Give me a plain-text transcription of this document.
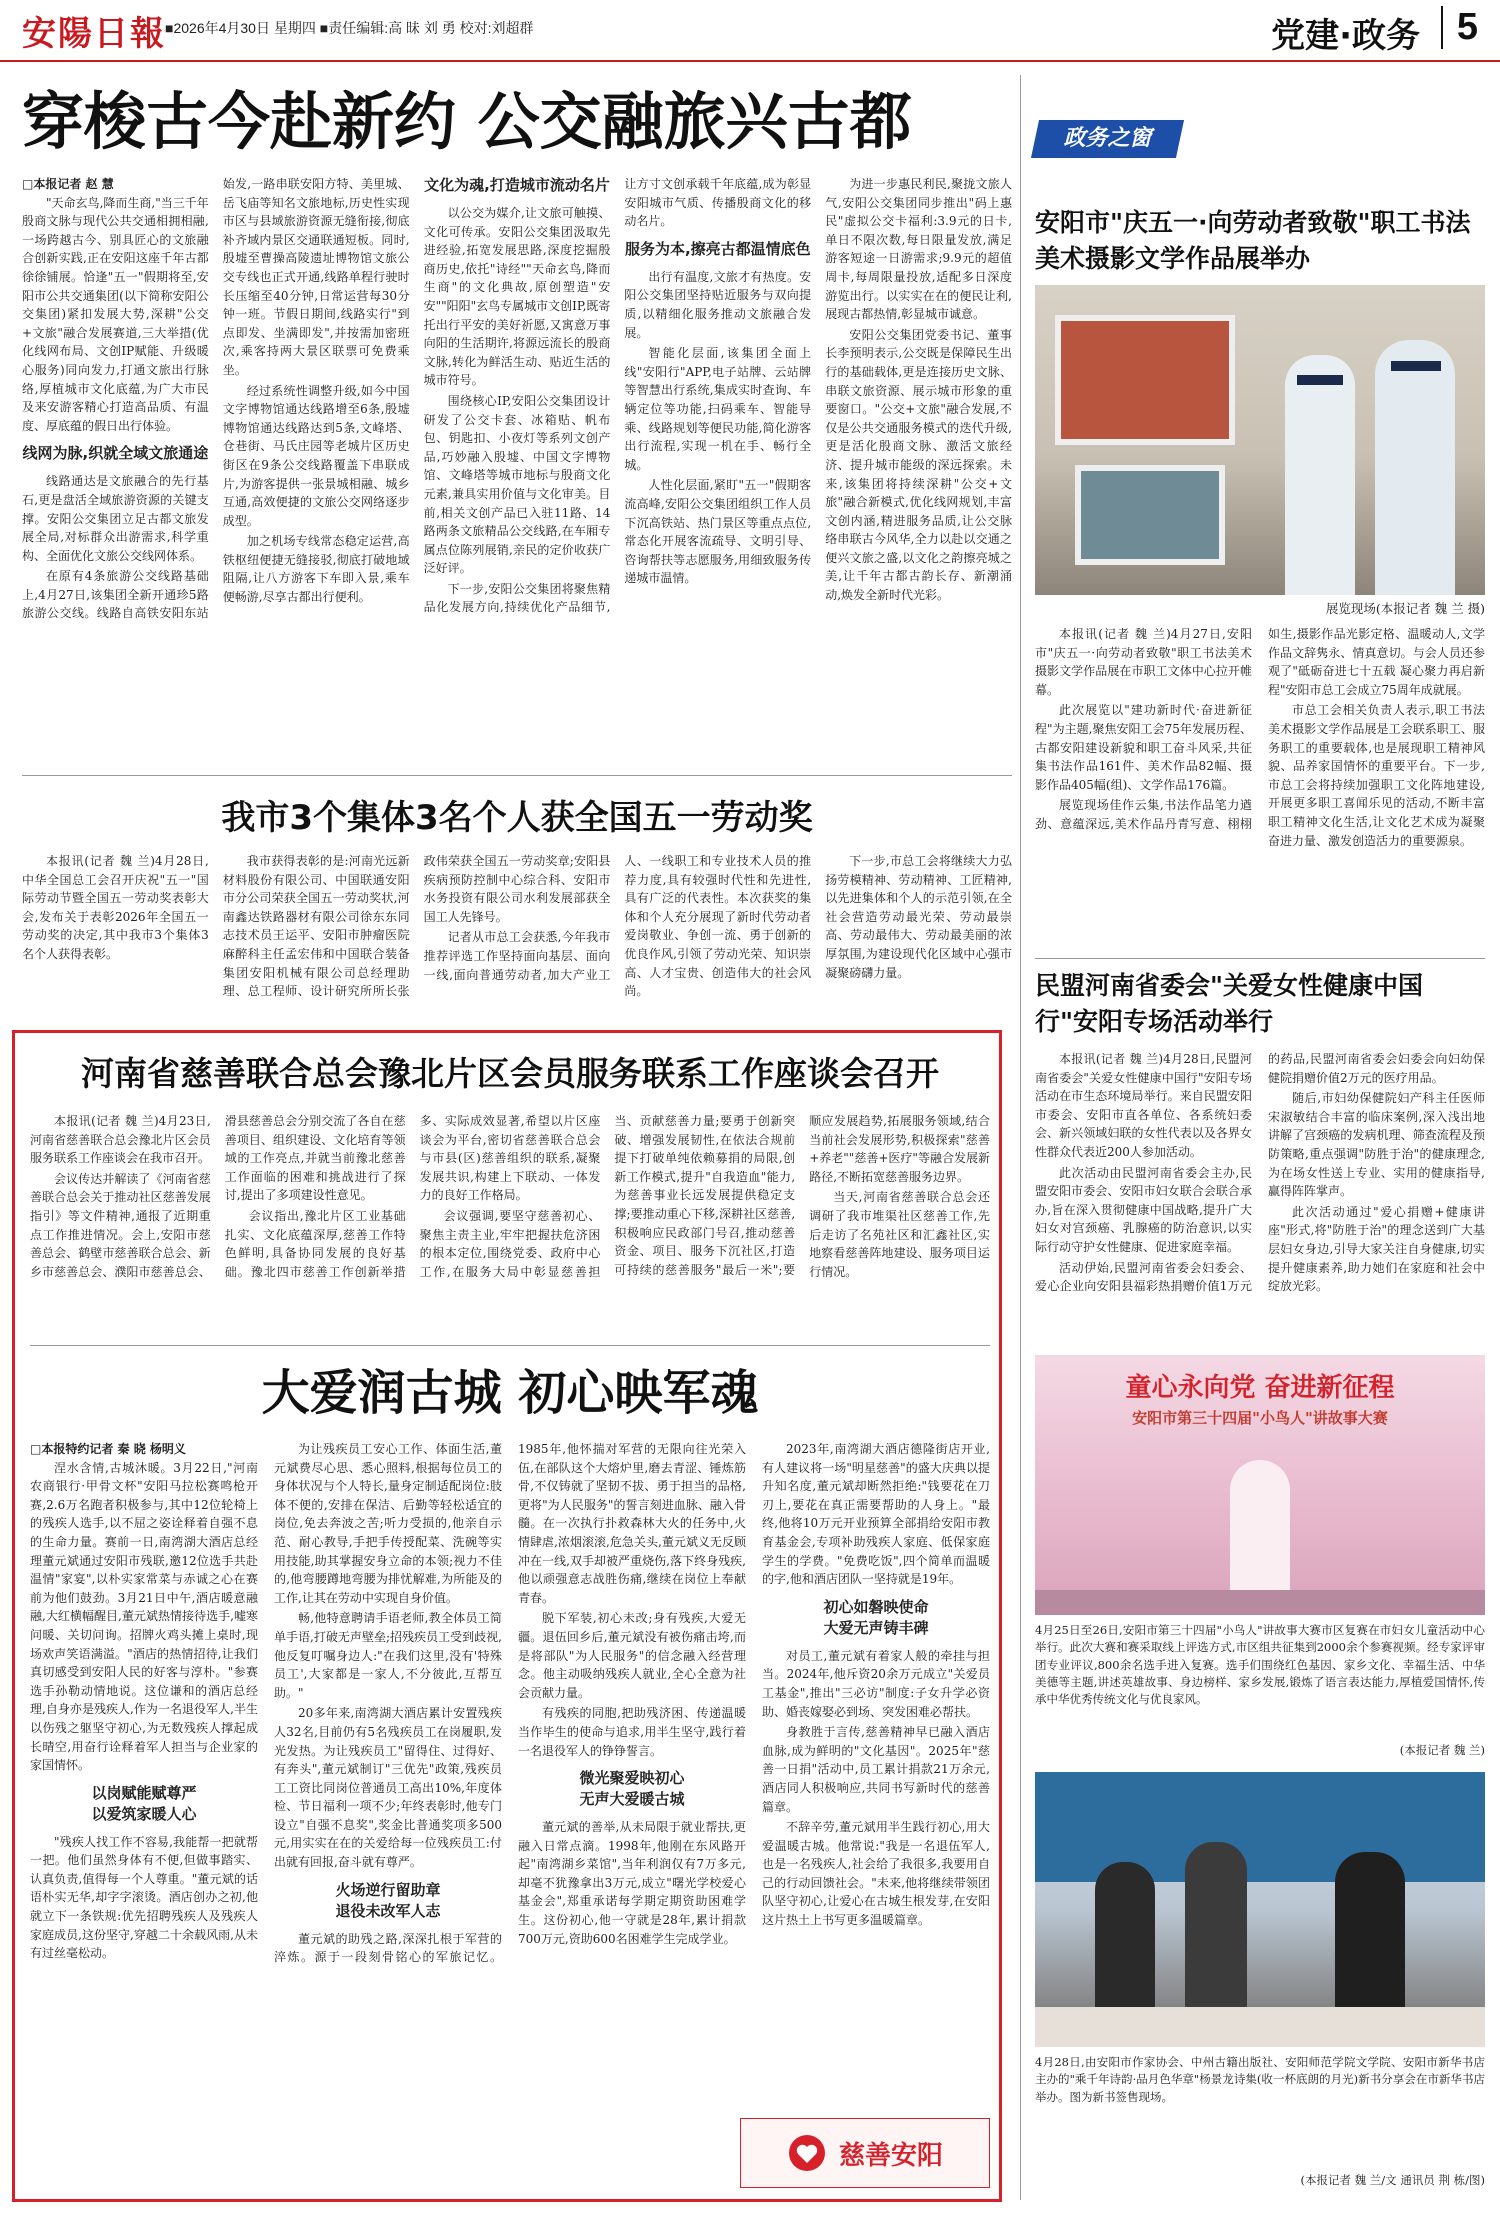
安陽日報 ■2026年4月30日 星期四 ■责任编辑:高 昧 刘 勇 校对:刘超群	党建·政务 5
穿梭古今赴新约 公交融旅兴古都
□本报记者 赵 慧
"天命玄鸟,降而生商,"当三千年殷商文脉与现代公共交通相拥相融,一场跨越古今、别具匠心的文旅融合创新实践,正在安阳这座千年古都徐徐铺展。恰逢"五一"假期将至,安阳市公共交通集团(以下简称安阳公交集团)紧扣发展大势,深耕"公交+文旅"融合发展赛道,三大举措(优化线网布局、文创IP赋能、升级暖心服务)同向发力,打通文旅出行脉络,厚植城市文化底蕴,为广大市民及来安游客精心打造高品质、有温度、厚底蕴的假日出行体验。
线网为脉,织就全域文旅通途
线路通达是文旅融合的先行基石,更是盘活全域旅游资源的关键支撑。安阳公交集团立足古都文旅发展全局,对标群众出游需求,科学重构、全面优化文旅公交线网体系。
在原有4条旅游公交线路基础上,4月27日,该集团全新开通珍5路旅游公交线。线路自高铁安阳东站始发,一路串联安阳方特、美里城、岳飞庙等知名文旅地标,历史性实现市区与县域旅游资源无缝衔接,彻底补齐域内景区交通联通短板。同时,殷墟至曹操高陵遗址博物馆文旅公交专线也正式开通,线路单程行驶时长压缩至40分钟,日常运营每30分钟一班。节假日期间,线路实行"到点即发、坐满即发",并按需加密班次,乘客持两大景区联票可免费乘坐。
经过系统性调整升级,如今中国文字博物馆通达线路增至6条,殷墟博物馆通达线路达到5条,文峰塔、仓巷街、马氏庄园等老城片区历史街区在9条公交线路覆盖下串联成片,为游客提供一张景城相融、城乡互通,高效便捷的文旅公交网络逐步成型。
加之机场专线常态稳定运营,高铁枢纽便捷无缝接驳,彻底打破地域阻隔,让八方游客下车即入景,乘车便畅游,尽享古都出行便利。
文化为魂,打造城市流动名片
以公交为媒介,让文旅可触摸、文化可传承。安阳公交集团汲取先进经验,拓宽发展思路,深度挖掘殷商历史,依托"诗经""天命玄鸟,降而生商"的文化典故,原创塑造"安安""阳阳"玄鸟专属城市文创IP,既寄托出行平安的美好祈愿,又寓意万事向阳的生活期许,将源远流长的殷商文脉,转化为鲜活生动、贴近生活的城市符号。
围绕核心IP,安阳公交集团设计研发了公交卡套、冰箱贴、帆布包、钥匙扣、小夜灯等系列文创产品,巧妙融入殷墟、中国文字博物馆、文峰塔等城市地标与殷商文化元素,兼具实用价值与文化审美。目前,相关文创产品已入驻11路、14路两条文旅精品公交线路,在车厢专属点位陈列展销,亲民的定价收获广泛好评。
下一步,安阳公交集团将聚焦精品化发展方向,持续优化产品细节,让方寸文创承载千年底蕴,成为彰显安阳城市气质、传播殷商文化的移动名片。
服务为本,擦亮古都温情底色
出行有温度,文旅才有热度。安阳公交集团坚持贴近服务与双向提质,以精细化服务推动文旅融合发展。
智能化层面,该集团全面上线"安阳行"APP,电子站牌、云站牌等智慧出行系统,集成实时查询、车辆定位等功能,扫码乘车、智能导乘、线路规划等便民功能,简化游客出行流程,实现一机在手、畅行全城。
人性化层面,紧盯"五一"假期客流高峰,安阳公交集团组织工作人员下沉高铁站、热门景区等重点点位,常态化开展客流疏导、文明引导、咨询帮扶等志愿服务,用细致服务传递城市温情。
为进一步惠民利民,聚拢文旅人气,安阳公交集团同步推出"码上惠民"虚拟公交卡福利:3.9元的日卡,单日不限次数,每日限量发放,满足游客短途一日游需求;9.9元的超值周卡,每周限量投放,适配多日深度游览出行。以实实在在的便民让利,展现古都热情,彰显城市诚意。
安阳公交集团党委书记、董事长李预明表示,公交既是保障民生出行的基础载体,更是连接历史文脉、串联文旅资源、展示城市形象的重要窗口。"公交+文旅"融合发展,不仅是公共交通服务模式的迭代升级,更是活化殷商文脉、激活文旅经济、提升城市能级的深远探索。未来,该集团将持续深耕"公交+文旅"融合新模式,优化线网规划,丰富文创内涵,精进服务品质,让公交脉络串联古今风华,全力以赴以交通之便兴文旅之盛,以文化之韵擦亮城之美,让千年古都古韵长存、新潮涌动,焕发全新时代光彩。
我市3个集体3名个人获全国五一劳动奖
本报讯(记者 魏 兰)4月28日,中华全国总工会召开庆祝"五一"国际劳动节暨全国五一劳动奖表彰大会,发布关于表彰2026年全国五一劳动奖的决定,其中我市3个集体3名个人获得表彰。
我市获得表彰的是:河南光远新材料股份有限公司、中国联通安阳市分公司荣获全国五一劳动奖状,河南鑫达铁路器材有限公司徐东东同志技术员王运平、安阳市肿瘤医院麻醉科主任孟宏伟和中国联合装备集团安阳机械有限公司总经理助理、总工程师、设计研究所所长张政伟荣获全国五一劳动奖章;安阳县疾病预防控制中心综合科、安阳市水务投资有限公司水利发展部获全国工人先锋号。
记者从市总工会获悉,今年我市推荐评选工作坚持面向基层、面向一线,面向普通劳动者,加大产业工人、一线职工和专业技术人员的推荐力度,具有较强时代性和先进性,具有广泛的代表性。本次获奖的集体和个人充分展现了新时代劳动者爱岗敬业、争创一流、勇于创新的优良作风,引领了劳动光荣、知识崇高、人才宝贵、创造伟大的社会风尚。
下一步,市总工会将继续大力弘扬劳模精神、劳动精神、工匠精神,以先进集体和个人的示范引领,在全社会营造劳动最光荣、劳动最崇高、劳动最伟大、劳动最美丽的浓厚氛围,为建设现代化区域中心强市凝聚磅礴力量。
河南省慈善联合总会豫北片区会员服务联系工作座谈会召开
本报讯(记者 魏 兰)4月23日,河南省慈善联合总会豫北片区会员服务联系工作座谈会在我市召开。
会议传达并解读了《河南省慈善联合总会关于推动社区慈善发展指引》等文件精神,通报了近期重点工作推进情况。会上,安阳市慈善总会、鹤壁市慈善联合总会、新乡市慈善总会、濮阳市慈善总会、滑县慈善总会分别交流了各自在慈善项目、组织建设、文化培育等领域的工作亮点,并就当前豫北慈善工作面临的困难和挑战进行了探讨,提出了多项建设性意见。
会议指出,豫北片区工业基础扎实、文化底蕴深厚,慈善工作特色鲜明,具备协同发展的良好基础。豫北四市慈善工作创新举措多、实际成效显著,希望以片区座谈会为平台,密切省慈善联合总会与市县(区)慈善组织的联系,凝聚发展共识,构建上下联动、一体发力的良好工作格局。
会议强调,要坚守慈善初心、聚焦主责主业,牢牢把握扶危济困的根本定位,围绕党委、政府中心工作,在服务大局中彰显慈善担当、贡献慈善力量;要勇于创新突破、增强发展韧性,在依法合规前提下打破单纯依赖募捐的局限,创新工作模式,提升"自我造血"能力,为慈善事业长远发展提供稳定支撑;要推动重心下移,深耕社区慈善,积极响应民政部门号召,推动慈善资金、项目、服务下沉社区,打造可持续的慈善服务"最后一米";要顺应发展趋势,拓展服务领域,结合当前社会发展形势,积极探索"慈善+养老""慈善+医疗"等融合发展新路径,不断拓宽慈善服务边界。
当天,河南省慈善联合总会还调研了我市堆渠社区慈善工作,先后走访了名苑社区和汇鑫社区,实地察看慈善阵地建设、服务项目运行情况。
大爱润古城 初心映军魂
□本报特约记者 秦 晓 杨明义
涅水含情,古城沐暖。3月22日,"河南农商银行·甲骨文杯"安阳马拉松赛鸣枪开赛,2.6万名跑者积极参与,其中12位轮椅上的残疾人选手,以不屈之姿诠释着自强不息的生命力量。赛前一日,南湾湖大酒店总经理董元斌通过安阳市残联,邀12位选手共赴温情"家宴",以朴实家常菜与赤诚之心在赛前为他们鼓劲。3月21日中午,酒店暖意融融,大红横幅醒目,董元斌热情接待选手,嘘寒问暖、关切问询。招牌火鸡头摊上桌时,现场欢声笑语满溢。"酒店的热情招待,让我们真切感受到安阳人民的好客与淳朴。"参赛选手孙勒动情地说。这位谦和的酒店总经理,自身亦是残疾人,作为一名退役军人,半生以伤残之躯坚守初心,为无数残疾人撑起成长晴空,用奋行诠释着军人担当与企业家的家国情怀。
以岗赋能赋尊严
以爱筑家暖人心
"残疾人找工作不容易,我能帮一把就帮一把。他们虽然身体有不便,但做事踏实、认真负责,值得每一个人尊重。"董元斌的话语朴实无华,却字字滚烫。酒店创办之初,他就立下一条铁规:优先招聘残疾人及残疾人家庭成员,这份坚守,穿越二十余载风雨,从未有过丝毫松动。
为让残疾员工安心工作、体面生活,董元斌费尽心思、悉心照料,根据每位员工的身体状况与个人特长,量身定制适配岗位:肢体不便的,安排在保洁、后勤等轻松适宜的岗位,免去奔波之苦;听力受损的,他亲自示范、耐心教导,手把手传授配菜、洗碗等实用技能,助其掌握安身立命的本领;视力不佳的,他弯腰蹲地弯腰为排忧解难,为所能及的工作,让其在劳动中实现自身价值。
畅,他特意聘请手语老师,教全体员工简单手语,打破无声壁垒;招残疾员工受到歧视,他反复叮嘱身边人:"在我们这里,没有'特殊员工',大家都是一家人,不分彼此,互帮互助。"
20多年来,南湾湖大酒店累计安置残疾人32名,目前仍有5名残疾员工在岗履职,发光发热。为让残疾员工"留得住、过得好、有奔头",董元斌制订"三优先"政策,残疾员工工资比同岗位普通员工高出10%,年度体检、节日福利一项不少;年终表彰时,他专门设立"自强不息奖",奖金比普通奖项多500元,用实实在在的关爱给每一位残疾员工:付出就有回报,奋斗就有尊严。
火场逆行留助章
退役未改军人志
董元斌的助残之路,深深扎根于军营的淬炼。源于一段刻骨铭心的军旅记忆。1985年,他怀揣对军营的无限向往光荣入伍,在部队这个大熔炉里,磨去青涩、锤炼筋骨,不仅铸就了坚韧不拔、勇于担当的品格,更将"为人民服务"的誓言刻进血脉、融入骨髓。在一次执行扑救森林大火的任务中,火情肆虐,浓烟滚滚,危急关头,董元斌义无反顾冲在一线,双手却被严重烧伤,落下终身残疾,他以顽强意志战胜伤痛,继续在岗位上奉献青春。
脱下军装,初心未改;身有残疾,大爱无疆。退伍回乡后,董元斌没有被伤痛击垮,而是将部队"为人民服务"的信念融入经营理念。他主动吸纳残疾人就业,全心全意为社会贡献力量。
有残疾的同胞,把助残济困、传递温暖当作毕生的使命与追求,用半生坚守,践行着一名退役军人的铮铮誓言。
微光聚爱映初心
无声大爱暖古城
董元斌的善举,从未局限于就业帮扶,更融入日常点滴。1998年,他刚在东风路开起"南湾湖乡菜馆",当年利润仅有7万多元,却毫不犹豫拿出3万元,成立"曙光学校爱心基金会",郑重承诺每学期定期资助困难学生。这份初心,他一守就是28年,累计捐款700万元,资助600名困难学生完成学业。
2023年,南湾湖大酒店德隆街店开业,有人建议将一场"明星慈善"的盛大庆典以提升知名度,董元斌却断然拒绝:"钱要花在刀刃上,要花在真正需要帮助的人身上。"最终,他将10万元开业预算全部捐给安阳市教育基金会,专项补助残疾人家庭、低保家庭学生的学费。"免费吃饭",四个简单而温暖的字,他和酒店团队一坚持就是19年。
初心如磐映使命
大爱无声铸丰碑
对员工,董元斌有着家人般的牵挂与担当。2024年,他斥资20余万元成立"关爱员工基金",推出"三必访"制度:子女升学必资助、婚丧嫁娶必到场、突发困难必帮扶。
身教胜于言传,慈善精神早已融入酒店血脉,成为鲜明的"文化基因"。2025年"慈善一日捐"活动中,员工累计捐款21万余元,酒店同人积极响应,共同书写新时代的慈善篇章。
不辞辛劳,董元斌用半生践行初心,用大爱温暖古城。他常说:"我是一名退伍军人,也是一名残疾人,社会给了我很多,我要用自己的行动回馈社会。"未来,他将继续带领团队坚守初心,让爱心在古城生根发芽,在安阳这片热土上书写更多温暖篇章。
慈善安阳
政务之窗
安阳市"庆五一·向劳动者致敬"职工书法美术摄影文学作品展举办
展览现场(本报记者 魏 兰 摄)
本报讯(记者 魏 兰)4月27日,安阳市"庆五一·向劳动者致敬"职工书法美术摄影文学作品展在市职工文体中心拉开帷幕。
此次展览以"建功新时代·奋进新征程"为主题,聚焦安阳工会75年发展历程、古都安阳建设新貌和职工奋斗风采,共征集书法作品161件、美术作品82幅、摄影作品405幅(组)、文学作品176篇。
展览现场佳作云集,书法作品笔力遒劲、意蕴深远,美术作品丹青写意、栩栩如生,摄影作品光影定格、温暖动人,文学作品文辞隽永、情真意切。与会人员还参观了"砥砺奋进七十五载 凝心聚力再启新程"安阳市总工会成立75周年成就展。
市总工会相关负责人表示,职工书法美术摄影文学作品展是工会联系职工、服务职工的重要载体,也是展现职工精神风貌、品养家国情怀的重要平台。下一步,市总工会将持续加强职工文化阵地建设,开展更多职工喜闻乐见的活动,不断丰富职工精神文化生活,让文化艺术成为凝聚奋进力量、激发创造活力的重要源泉。
民盟河南省委会"关爱女性健康中国行"安阳专场活动举行
本报讯(记者 魏 兰)4月28日,民盟河南省委会"关爱女性健康中国行"安阳专场活动在市生态环境局举行。来自民盟安阳市委会、安阳市直各单位、各系统妇委会、新兴领域妇联的女性代表以及各界女性群众代表近200人参加活动。
此次活动由民盟河南省委会主办,民盟安阳市委会、安阳市妇女联合会联合承办,旨在深入贯彻健康中国战略,提升广大妇女对宫颈癌、乳腺癌的防治意识,以实际行动守护女性健康、促进家庭幸福。
活动伊始,民盟河南省委会妇委会、爱心企业向安阳县福彩热捐赠价值1万元的药品,民盟河南省委会妇委会向妇幼保健院捐赠价值2万元的医疗用品。
随后,市妇幼保健院妇产科主任医师宋淑敏结合丰富的临床案例,深入浅出地讲解了宫颈癌的发病机理、筛查流程及预防策略,重点强调"防胜于治"的健康理念,为在场女性送上专业、实用的健康指导,赢得阵阵掌声。
此次活动通过"爱心捐赠+健康讲座"形式,将"防胜于治"的理念送到广大基层妇女身边,引导大家关注自身健康,切实提升健康素养,助力她们在家庭和社会中绽放光彩。
童心永向党 奋进新征程
安阳市第三十四届"小鸟人"讲故事大赛
4月25日至26日,安阳市第三十四届"小鸟人"讲故事大赛市区复赛在市妇女儿童活动中心举行。此次大赛和赛采取线上评选方式,市区组共征集到2000余个参赛视频。经专家评审团专业评议,800余名选手进入复赛。选手们围绕红色基因、家乡文化、幸福生活、中华美德等主题,讲述英雄故事、身边榜样、家乡发展,锻炼了语言表达能力,厚植爱国情怀,传承中华优秀传统文化与优良家风。
(本报记者 魏 兰)
4月28日,由安阳市作家协会、中州古籍出版社、安阳师范学院文学院、安阳市新华书店主办的"乘千年诗韵·品月色华章"杨景龙诗集(收一杯底朗的月光)新书分享会在市新华书店举办。图为新书签售现场。
(本报记者 魏 兰/文 通讯员 荆 栋/图)
